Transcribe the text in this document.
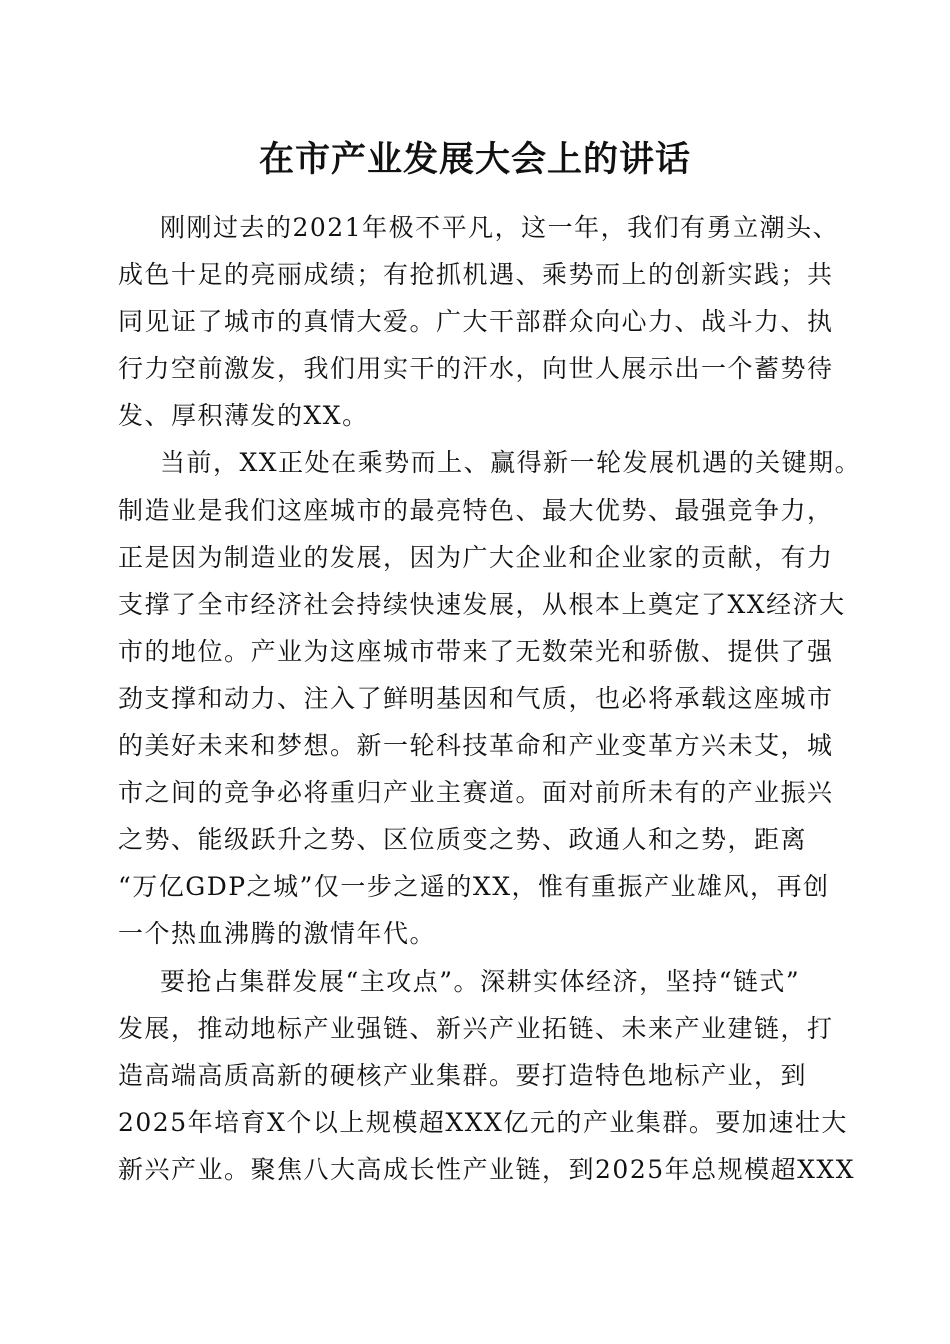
在市产业发展大会上的讲话
刚刚过去的2021年极不平凡，这一年，我们有勇立潮头、
成色十足的亮丽成绩；有抢抓机遇、乘势而上的创新实践；共
同见证了城市的真情大爱。广大干部群众向心力、战斗力、执
行力空前激发，我们用实干的汗水，向世人展示出一个蓄势待
发、厚积薄发的XX。
当前，XX正处在乘势而上、赢得新一轮发展机遇的关键期。
制造业是我们这座城市的最亮特色、最大优势、最强竞争力，
正是因为制造业的发展，因为广大企业和企业家的贡献，有力
支撑了全市经济社会持续快速发展，从根本上奠定了XX经济大
市的地位。产业为这座城市带来了无数荣光和骄傲、提供了强
劲支撑和动力、注入了鲜明基因和气质，也必将承载这座城市
的美好未来和梦想。新一轮科技革命和产业变革方兴未艾，城
市之间的竞争必将重归产业主赛道。面对前所未有的产业振兴
之势、能级跃升之势、区位质变之势、政通人和之势，距离
“万亿GDP之城”仅一步之遥的XX，惟有重振产业雄风，再创
一个热血沸腾的激情年代。
要抢占集群发展“主攻点”。深耕实体经济，坚持“链式”
发展，推动地标产业强链、新兴产业拓链、未来产业建链，打
造高端高质高新的硬核产业集群。要打造特色地标产业，到
2025年培育X个以上规模超XXX亿元的产业集群。要加速壮大
新兴产业。聚焦八大高成长性产业链，到2025年总规模超XXX
